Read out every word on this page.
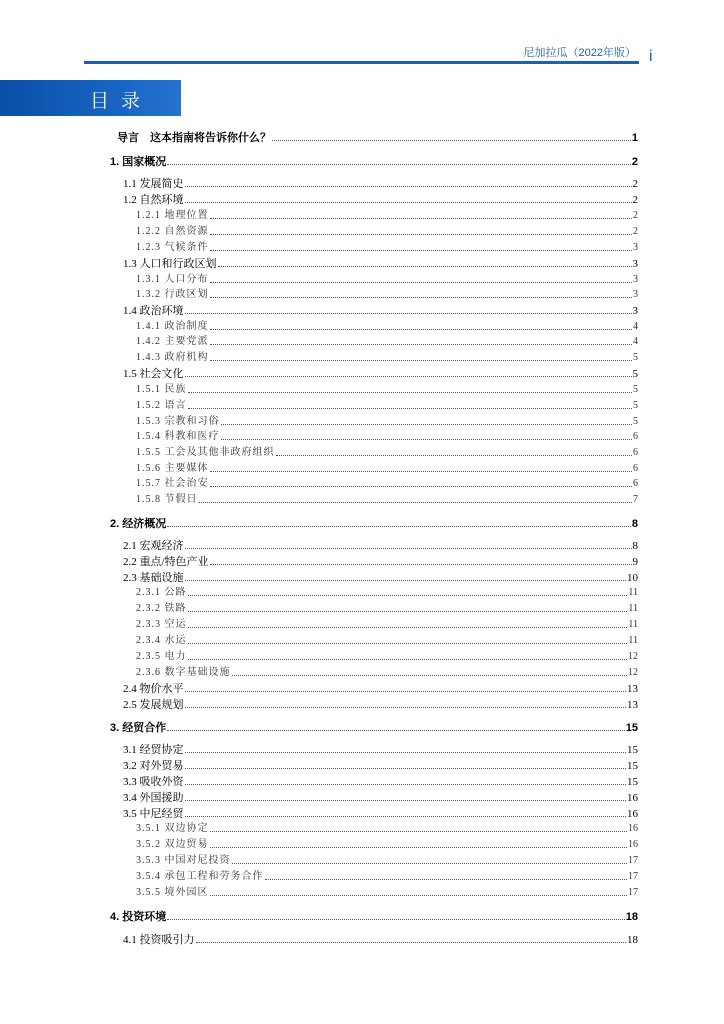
尼加拉瓜（2022年版） i
目 录
导言　这本指南将告诉你什么？	1
1. 国家概况	2
1.1 发展简史	2
1.2 自然环境	2
1.2.1 地理位置	2
1.2.2 自然资源	2
1.2.3 气候条件	3
1.3 人口和行政区划	3
1.3.1 人口分布	3
1.3.2 行政区划	3
1.4 政治环境	3
1.4.1 政治制度	4
1.4.2 主要党派	4
1.4.3 政府机构	5
1.5 社会文化	5
1.5.1 民族	5
1.5.2 语言	5
1.5.3 宗教和习俗	5
1.5.4 科教和医疗	6
1.5.5 工会及其他非政府组织	6
1.5.6 主要媒体	6
1.5.7 社会治安	6
1.5.8 节假日	7
2. 经济概况	8
2.1 宏观经济	8
2.2 重点/特色产业	9
2.3 基础设施	10
2.3.1 公路	11
2.3.2 铁路	11
2.3.3 空运	11
2.3.4 水运	11
2.3.5 电力	12
2.3.6 数字基础设施	12
2.4 物价水平	13
2.5 发展规划	13
3. 经贸合作	15
3.1 经贸协定	15
3.2 对外贸易	15
3.3 吸收外资	15
3.4 外国援助	16
3.5 中尼经贸	16
3.5.1 双边协定	16
3.5.2 双边贸易	16
3.5.3 中国对尼投资	17
3.5.4 承包工程和劳务合作	17
3.5.5 境外园区	17
4. 投资环境	18
4.1 投资吸引力	18
